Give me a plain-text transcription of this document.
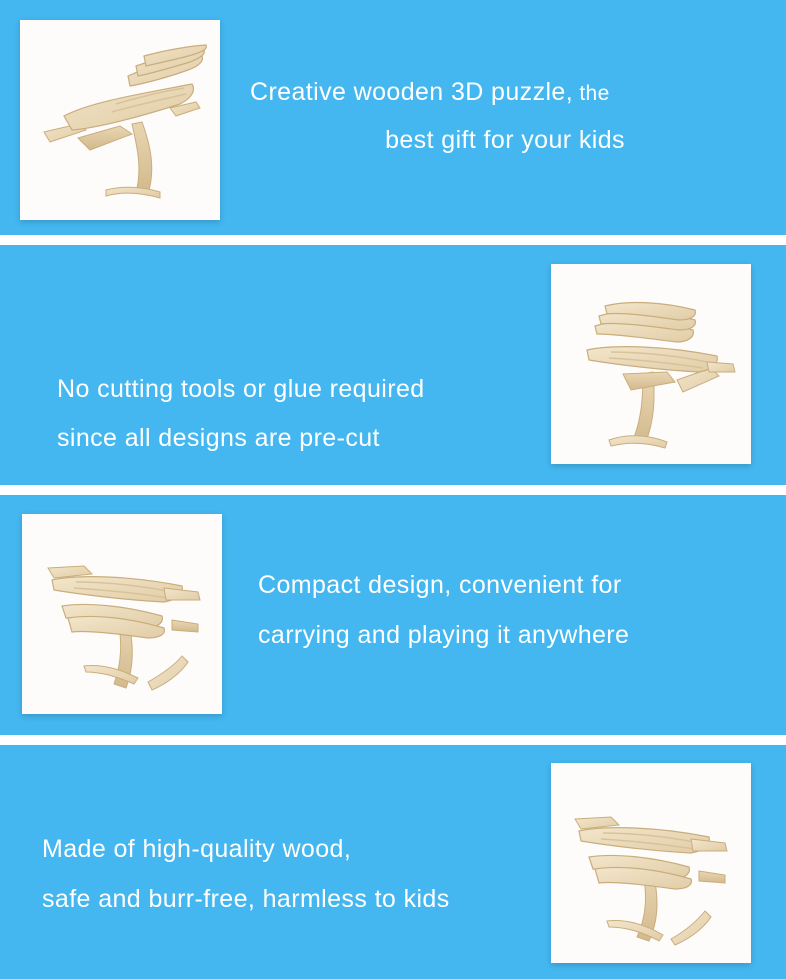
Creative wooden 3D puzzle, the
best gift for your kids
No cutting tools or glue required
since all designs are pre-cut
Compact design, convenient for
carrying and playing it anywhere
Made of high-quality wood,
safe and burr-free, harmless to kids
